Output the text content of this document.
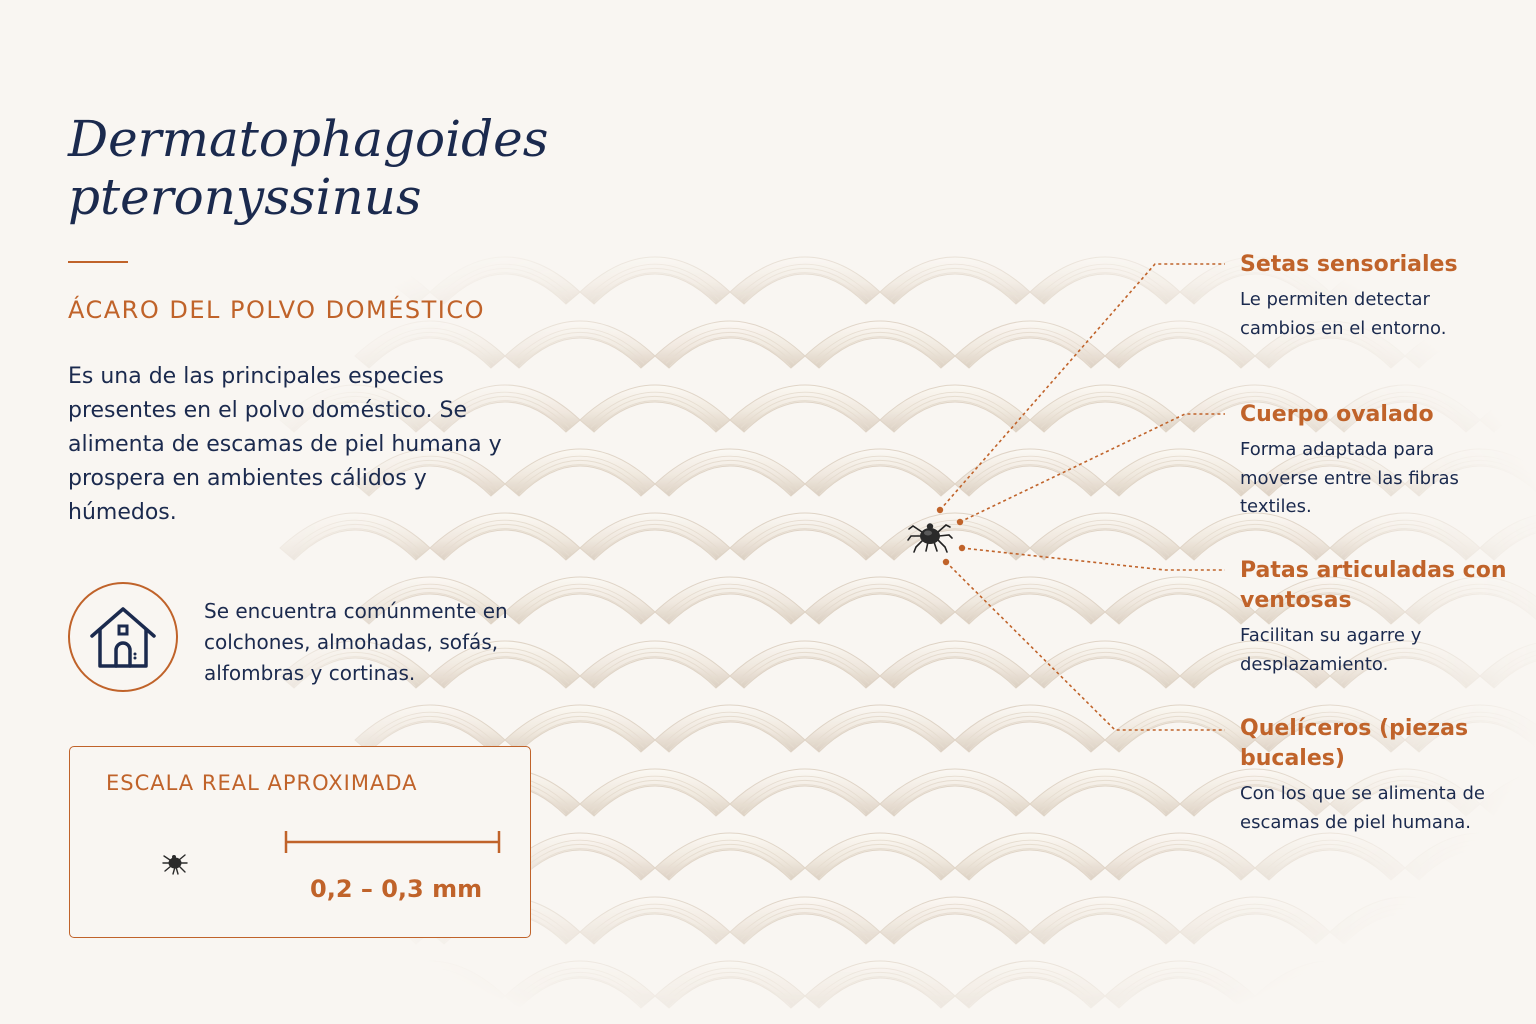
Dermatophagoides
pteronyssinus
ÁCARO DEL POLVO DOMÉSTICO

Es una de las principales especies presentes en el polvo doméstico. Se alimenta de escamas de piel humana y prospera en ambientes cálidos y húmedos.

Se encuentra comúnmente en colchones, almohadas, sofás, alfombras y cortinas.

ESCALA REAL APROXIMADA
0,2 – 0,3 mm

Setas sensoriales

Le permiten detectar cambios en el entorno.

Cuerpo ovalado

Forma adaptada para moverse entre las fibras textiles.

Patas articuladas con ventosas

Facilitan su agarre y desplazamiento.

Quelíceros (piezas bucales)

Con los que se alimenta de escamas de piel humana.
